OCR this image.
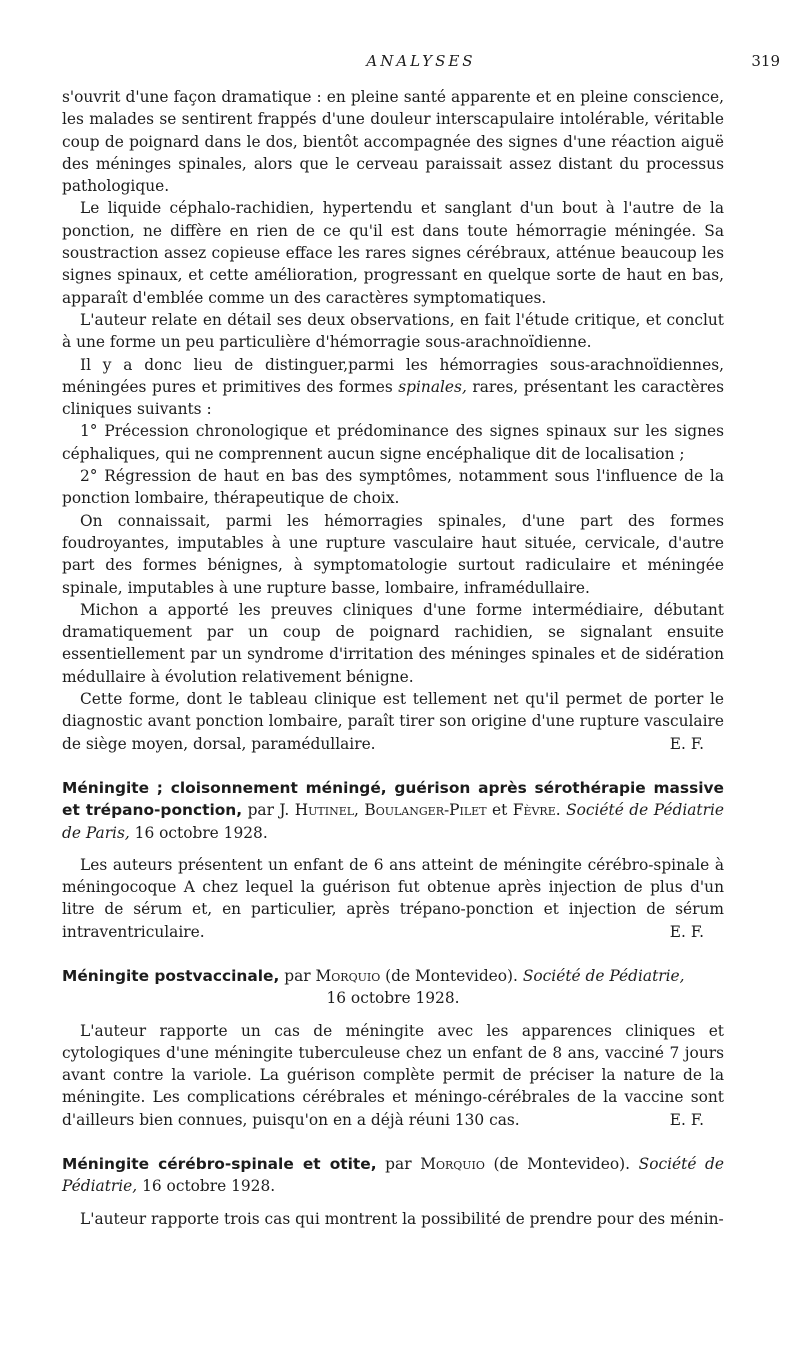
ANALYSES	319

s'ouvrit d'une façon dramatique : en pleine santé apparente et en pleine conscience, les malades se sentirent frappés d'une douleur interscapulaire intolérable, véritable coup de poignard dans le dos, bientôt accompagnée des signes d'une réaction aiguë des méninges spinales, alors que le cerveau paraissait assez distant du processus pathologique.

Le liquide céphalo-rachidien, hypertendu et sanglant d'un bout à l'autre de la ponction, ne diffère en rien de ce qu'il est dans toute hémorragie méningée. Sa soustraction assez copieuse efface les rares signes cérébraux, atténue beaucoup les signes spinaux, et cette amélioration, progressant en quelque sorte de haut en bas, apparaît d'emblée comme un des caractères symptomatiques.

L'auteur relate en détail ses deux observations, en fait l'étude critique, et conclut à une forme un peu particulière d'hémorragie sous-arachnoïdienne.

Il y a donc lieu de distinguer,parmi les hémorragies sous-arachnoïdiennes, méningées pures et primitives des formes spinales, rares, présentant les caractères cliniques suivants :

1° Précession chronologique et prédominance des signes spinaux sur les signes céphaliques, qui ne comprennent aucun signe encéphalique dit de localisation ;

2° Régression de haut en bas des symptômes, notamment sous l'influence de la ponction lombaire, thérapeutique de choix.

On connaissait, parmi les hémorragies spinales, d'une part des formes foudroyantes, imputables à une rupture vasculaire haut située, cervicale, d'autre part des formes bénignes, à symptomatologie surtout radiculaire et méningée spinale, imputables à une rupture basse, lombaire, inframédullaire.

Michon a apporté les preuves cliniques d'une forme intermédiaire, débutant dramatiquement par un coup de poignard rachidien, se signalant ensuite essentiellement par un syndrome d'irritation des méninges spinales et de sidération médullaire à évolution relativement bénigne.

Cette forme, dont le tableau clinique est tellement net qu'il permet de porter le diagnostic avant ponction lombaire, paraît tirer son origine d'une rupture vasculaire de siège moyen, dorsal, paramédullaire.	E. F.

Méningite ; cloisonnement méningé, guérison après sérothérapie massive et trépano-ponction, par J. Hutinel, Boulanger-Pilet et Fèvre. Société de Pédiatrie de Paris, 16 octobre 1928.

Les auteurs présentent un enfant de 6 ans atteint de méningite cérébro-spinale à méningocoque A chez lequel la guérison fut obtenue après injection de plus d'un litre de sérum et, en particulier, après trépano-ponction et injection de sérum intraventriculaire.	E. F.

Méningite postvaccinale, par Morquio (de Montevideo). Société de Pédiatrie,

16 octobre 1928.

L'auteur rapporte un cas de méningite avec les apparences cliniques et cytologiques d'une méningite tuberculeuse chez un enfant de 8 ans, vacciné 7 jours avant contre la variole. La guérison complète permit de préciser la nature de la méningite. Les complications cérébrales et méningo-cérébrales de la vaccine sont d'ailleurs bien connues, puisqu'on en a déjà réuni 130 cas.	E. F.

Méningite cérébro-spinale et otite, par Morquio (de Montevideo). Société de Pédiatrie, 16 octobre 1928.

L'auteur rapporte trois cas qui montrent la possibilité de prendre pour des ménin-
